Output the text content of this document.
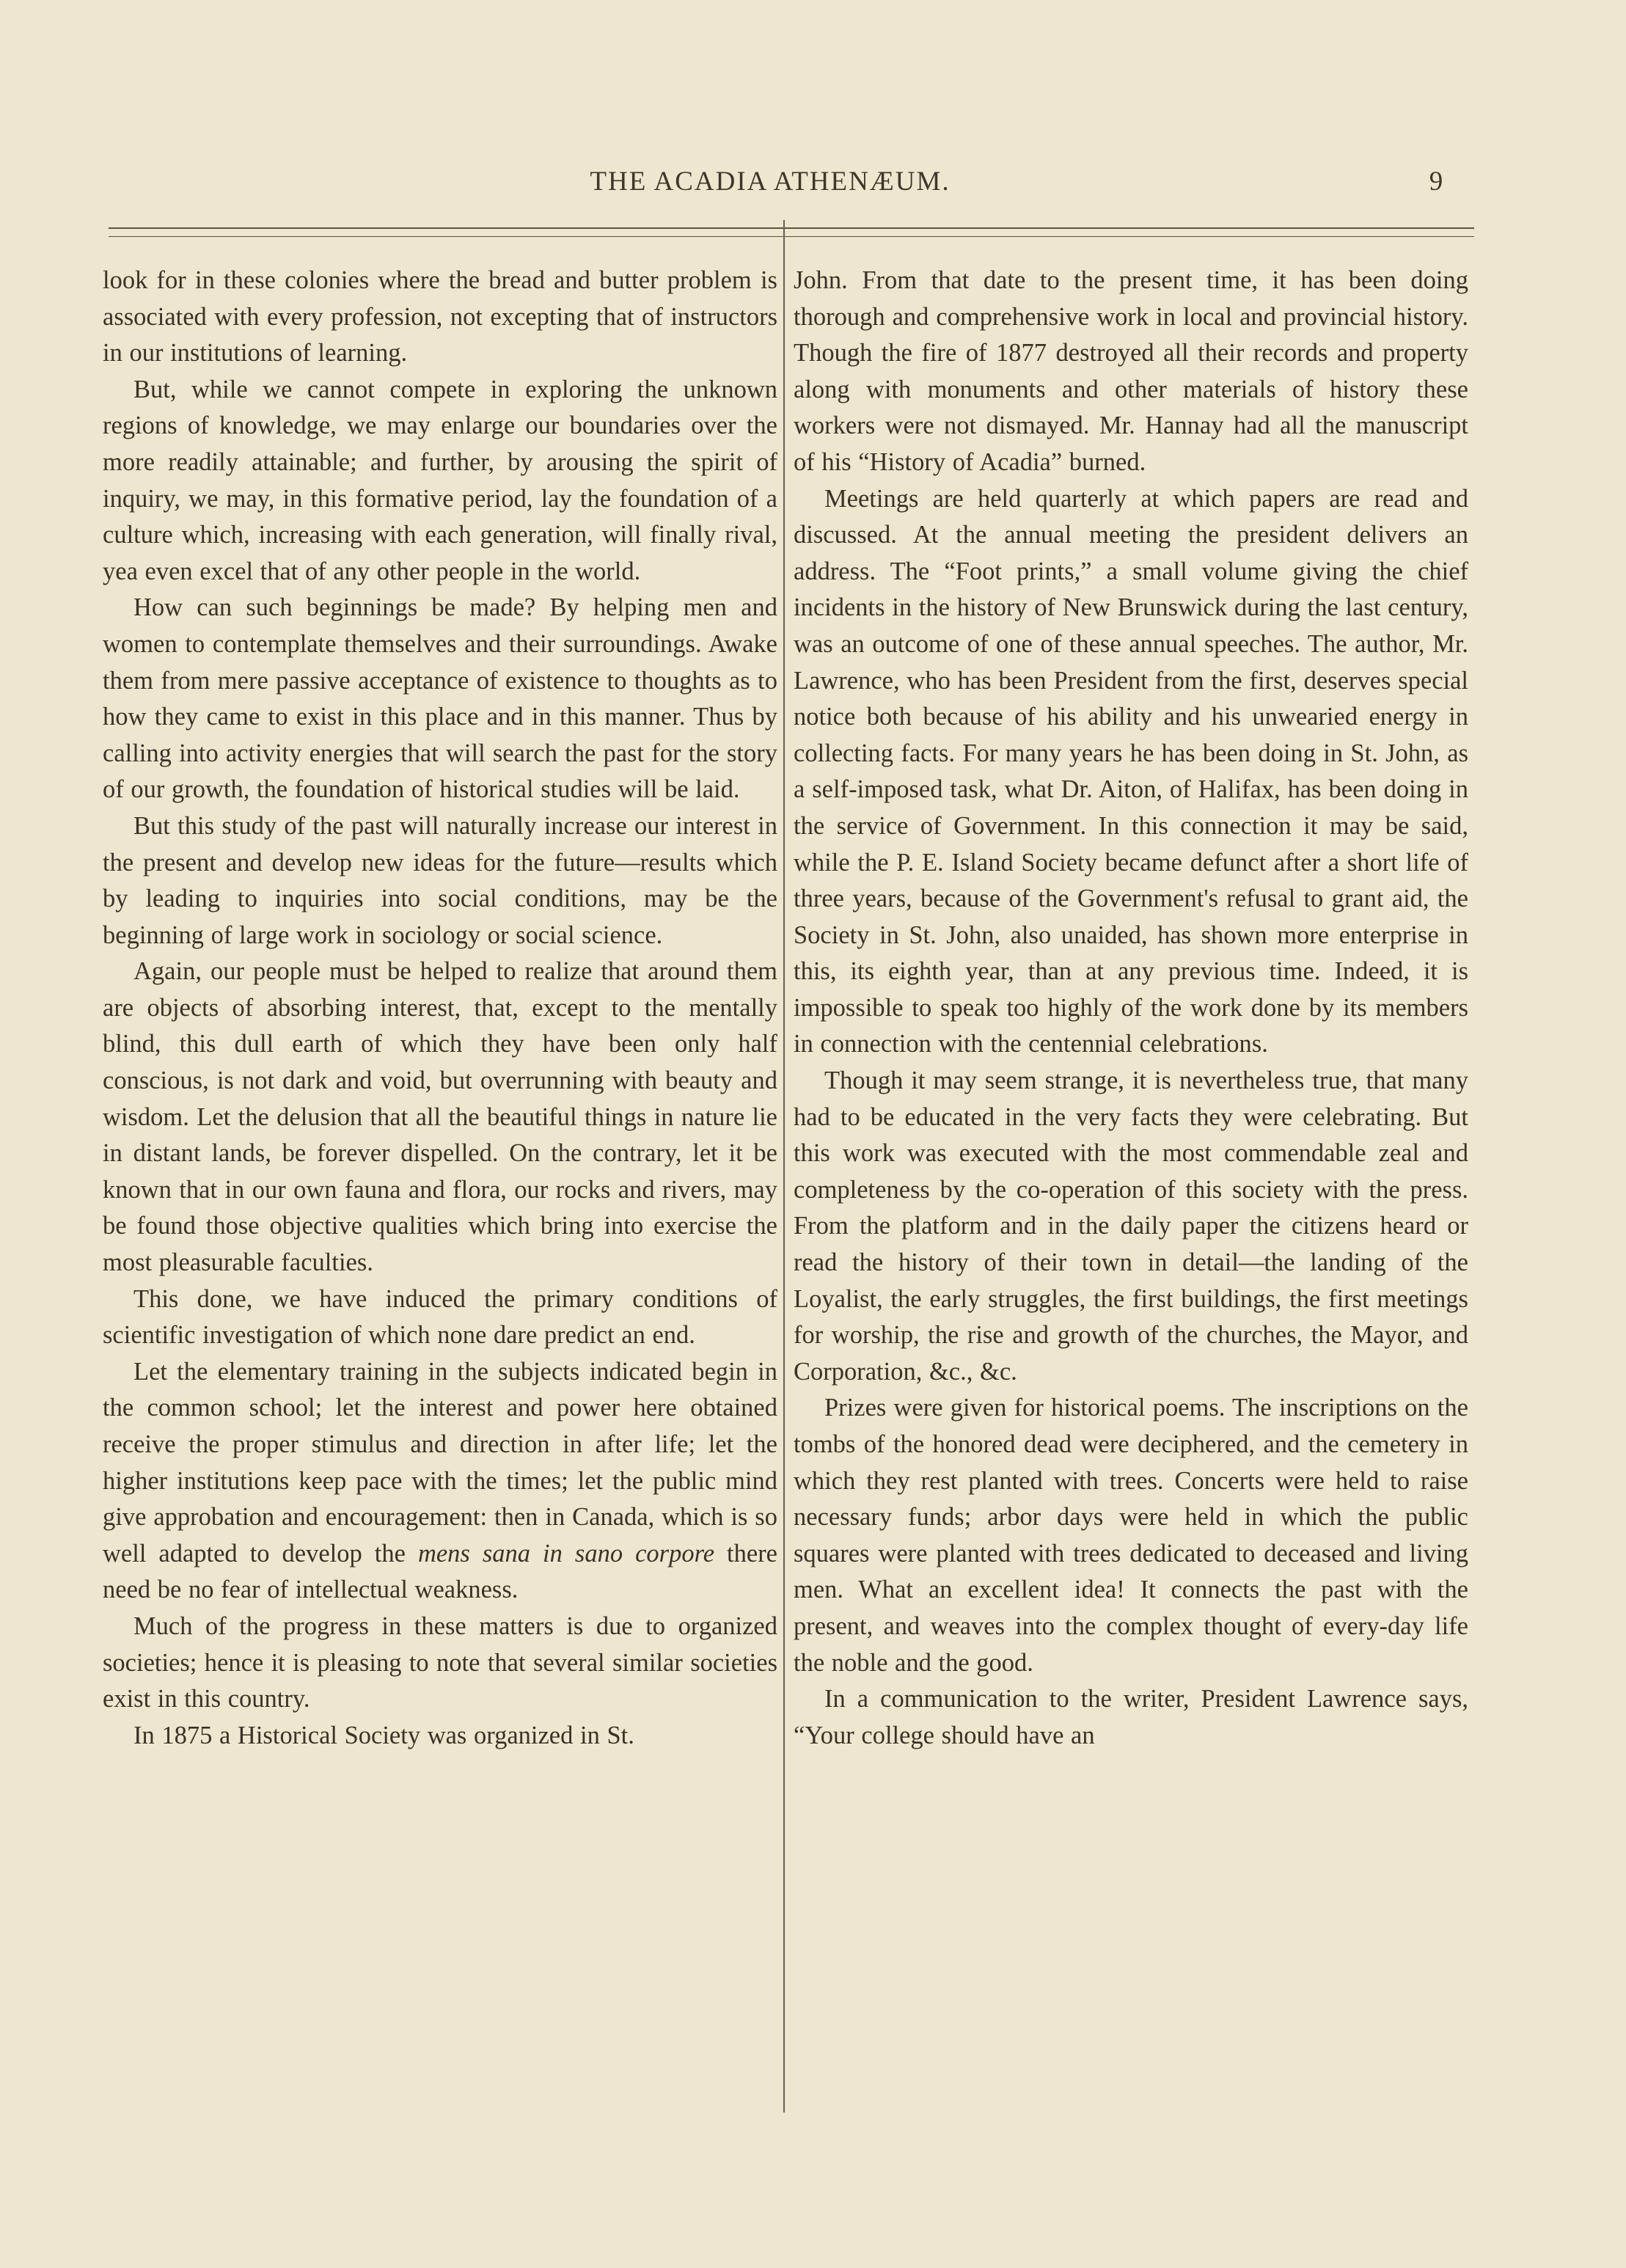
THE ACADIA ATHENÆUM.	9

look for in these colonies where the bread and butter problem is associated with every profession, not excepting that of instructors in our institutions of learning.

But, while we cannot compete in exploring the unknown regions of knowledge, we may enlarge our boundaries over the more readily attainable; and further, by arousing the spirit of inquiry, we may, in this formative period, lay the foundation of a culture which, increasing with each generation, will finally rival, yea even excel that of any other people in the world.

How can such beginnings be made? By helping men and women to contemplate themselves and their surroundings. Awake them from mere passive acceptance of existence to thoughts as to how they came to exist in this place and in this manner. Thus by calling into activity energies that will search the past for the story of our growth, the foundation of historical studies will be laid.

But this study of the past will naturally increase our interest in the present and develop new ideas for the future—results which by leading to inquiries into social conditions, may be the beginning of large work in sociology or social science.

Again, our people must be helped to realize that around them are objects of absorbing interest, that, except to the mentally blind, this dull earth of which they have been only half conscious, is not dark and void, but overrunning with beauty and wisdom. Let the delusion that all the beautiful things in nature lie in distant lands, be forever dispelled. On the contrary, let it be known that in our own fauna and flora, our rocks and rivers, may be found those objective qualities which bring into exercise the most pleasurable faculties.

This done, we have induced the primary conditions of scientific investigation of which none dare predict an end.

Let the elementary training in the subjects indicated begin in the common school; let the interest and power here obtained receive the proper stimulus and direction in after life; let the higher institutions keep pace with the times; let the public mind give approbation and encouragement: then in Canada, which is so well adapted to develop the mens sana in sano corpore there need be no fear of intellectual weakness.

Much of the progress in these matters is due to organized societies; hence it is pleasing to note that several similar societies exist in this country.

In 1875 a Historical Society was organized in St.

John. From that date to the present time, it has been doing thorough and comprehensive work in local and provincial history. Though the fire of 1877 destroyed all their records and property along with monuments and other materials of history these workers were not dismayed. Mr. Hannay had all the manuscript of his “History of Acadia” burned.

Meetings are held quarterly at which papers are read and discussed. At the annual meeting the president delivers an address. The “Foot prints,” a small volume giving the chief incidents in the history of New Brunswick during the last century, was an outcome of one of these annual speeches. The author, Mr. Lawrence, who has been President from the first, deserves special notice both because of his ability and his unwearied energy in collecting facts. For many years he has been doing in St. John, as a self-imposed task, what Dr. Aiton, of Halifax, has been doing in the service of Government. In this connection it may be said, while the P. E. Island Society became defunct after a short life of three years, because of the Government's refusal to grant aid, the Society in St. John, also unaided, has shown more enterprise in this, its eighth year, than at any previous time. Indeed, it is impossible to speak too highly of the work done by its members in connection with the centennial celebrations.

Though it may seem strange, it is nevertheless true, that many had to be educated in the very facts they were celebrating. But this work was executed with the most commendable zeal and completeness by the co-operation of this society with the press. From the platform and in the daily paper the citizens heard or read the history of their town in detail—the landing of the Loyalist, the early struggles, the first buildings, the first meetings for worship, the rise and growth of the churches, the Mayor, and Corporation, &c., &c.

Prizes were given for historical poems. The inscriptions on the tombs of the honored dead were deciphered, and the cemetery in which they rest planted with trees. Concerts were held to raise necessary funds; arbor days were held in which the public squares were planted with trees dedicated to deceased and living men. What an excellent idea! It connects the past with the present, and weaves into the complex thought of every-day life the noble and the good.

In a communication to the writer, President Lawrence says, “Your college should have an
